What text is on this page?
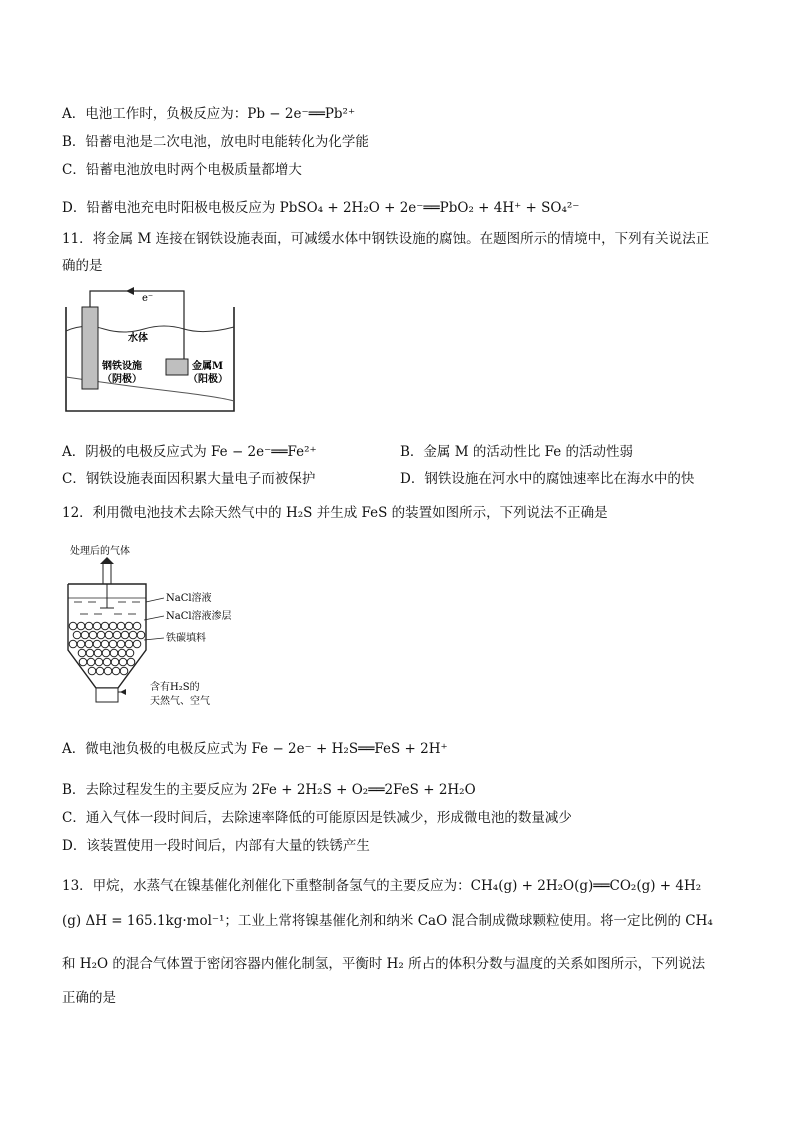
A．电池工作时，负极反应为：Pb − 2e⁻══Pb²⁺
B．铅蓄电池是二次电池，放电时电能转化为化学能
C．铅蓄电池放电时两个电极质量都增大
D．铅蓄电池充电时阳极电极反应为 PbSO₄ + 2H₂O + 2e⁻══PbO₂ + 4H⁺ + SO₄²⁻
11．将金属 M 连接在钢铁设施表面，可减缓水体中钢铁设施的腐蚀。在题图所示的情境中，下列有关说法正
确的是
e⁻
水体
钢铁设施
（阴极）
金属M
（阳极）
A．阴极的电极反应式为 Fe − 2e⁻══Fe²⁺	B．金属 M 的活动性比 Fe 的活动性弱
C．钢铁设施表面因积累大量电子而被保护	D．钢铁设施在河水中的腐蚀速率比在海水中的快
12．利用微电池技术去除天然气中的 H₂S 并生成 FeS 的装置如图所示，下列说法不正确是
处理后的气体
NaCl溶液
NaCl溶液渗层
铁碳填料
含有H₂S的
天然气、空气
A．微电池负极的电极反应式为 Fe − 2e⁻ + H₂S══FeS + 2H⁺
B．去除过程发生的主要反应为 2Fe + 2H₂S + O₂══2FeS + 2H₂O
C．通入气体一段时间后，去除速率降低的可能原因是铁减少，形成微电池的数量减少
D．该装置使用一段时间后，内部有大量的铁锈产生
13．甲烷，水蒸气在镍基催化剂催化下重整制备氢气的主要反应为：CH₄(g) + 2H₂O(g)══CO₂(g) + 4H₂
(g) ΔH = 165.1kg·mol⁻¹；工业上常将镍基催化剂和纳米 CaO 混合制成微球颗粒使用。将一定比例的 CH₄
和 H₂O 的混合气体置于密闭容器内催化制氢，平衡时 H₂ 所占的体积分数与温度的关系如图所示，下列说法
正确的是
